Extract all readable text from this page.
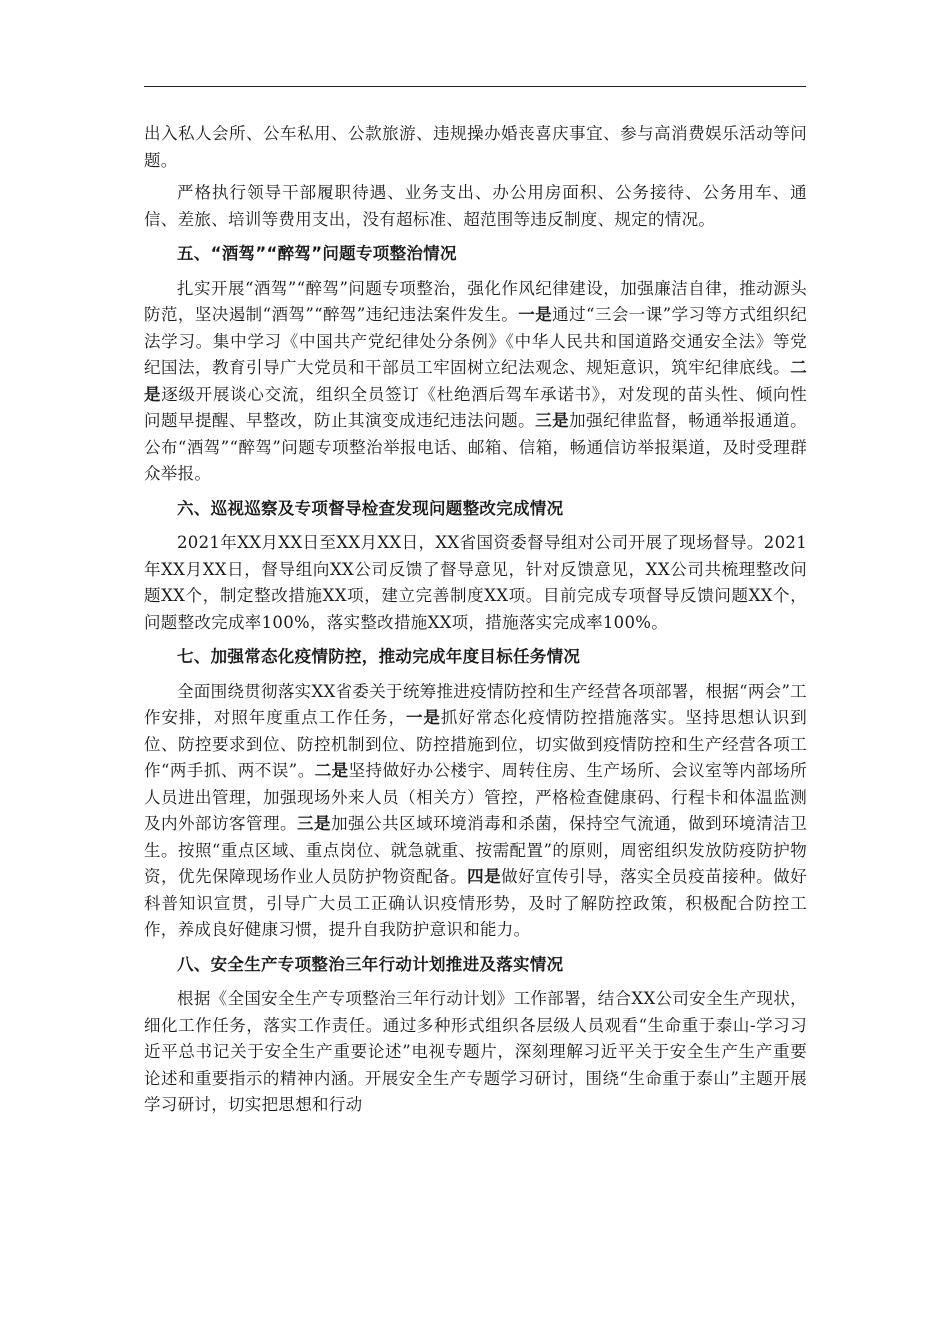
出入私人会所、公车私用、公款旅游、违规操办婚丧喜庆事宜、参与高消费娱乐活动等问题。

严格执行领导干部履职待遇、业务支出、办公用房面积、公务接待、公务用车、通信、差旅、培训等费用支出，没有超标准、超范围等违反制度、规定的情况。

五、“酒驾”“醉驾”问题专项整治情况

扎实开展“酒驾”“醉驾”问题专项整治，强化作风纪律建设，加强廉洁自律，推动源头防范，坚决遏制“酒驾”“醉驾”违纪违法案件发生。一是通过“三会一课”学习等方式组织纪法学习。集中学习《中国共产党纪律处分条例》《中华人民共和国道路交通安全法》等党纪国法，教育引导广大党员和干部员工牢固树立纪法观念、规矩意识，筑牢纪律底线。二是逐级开展谈心交流，组织全员签订《杜绝酒后驾车承诺书》，对发现的苗头性、倾向性问题早提醒、早整改，防止其演变成违纪违法问题。三是加强纪律监督，畅通举报通道。公布“酒驾”“醉驾”问题专项整治举报电话、邮箱、信箱，畅通信访举报渠道，及时受理群众举报。

六、巡视巡察及专项督导检查发现问题整改完成情况

2021年XX月XX日至XX月XX日，XX省国资委督导组对公司开展了现场督导。2021年XX月XX日，督导组向XX公司反馈了督导意见，针对反馈意见，XX公司共梳理整改问题XX个，制定整改措施XX项，建立完善制度XX项。目前完成专项督导反馈问题XX个，问题整改完成率100%，落实整改措施XX项，措施落实完成率100%。

七、加强常态化疫情防控，推动完成年度目标任务情况

全面围绕贯彻落实XX省委关于统筹推进疫情防控和生产经营各项部署，根据“两会”工作安排，对照年度重点工作任务，一是抓好常态化疫情防控措施落实。坚持思想认识到位、防控要求到位、防控机制到位、防控措施到位，切实做到疫情防控和生产经营各项工作“两手抓、两不误”。二是坚持做好办公楼宇、周转住房、生产场所、会议室等内部场所人员进出管理，加强现场外来人员（相关方）管控，严格检查健康码、行程卡和体温监测及内外部访客管理。三是加强公共区域环境消毒和杀菌，保持空气流通，做到环境清洁卫生。按照“重点区域、重点岗位、就急就重、按需配置”的原则，周密组织发放防疫防护物资，优先保障现场作业人员防护物资配备。四是做好宣传引导，落实全员疫苗接种。做好科普知识宣贯，引导广大员工正确认识疫情形势，及时了解防控政策，积极配合防控工作，养成良好健康习惯，提升自我防护意识和能力。

八、安全生产专项整治三年行动计划推进及落实情况

根据《全国安全生产专项整治三年行动计划》工作部署，结合XX公司安全生产现状，细化工作任务，落实工作责任。通过多种形式组织各层级人员观看“生命重于泰山-学习习近平总书记关于安全生产重要论述”电视专题片，深刻理解习近平关于安全生产生产重要论述和重要指示的精神内涵。开展安全生产专题学习研讨，围绕“生命重于泰山”主题开展学习研讨，切实把思想和行动
